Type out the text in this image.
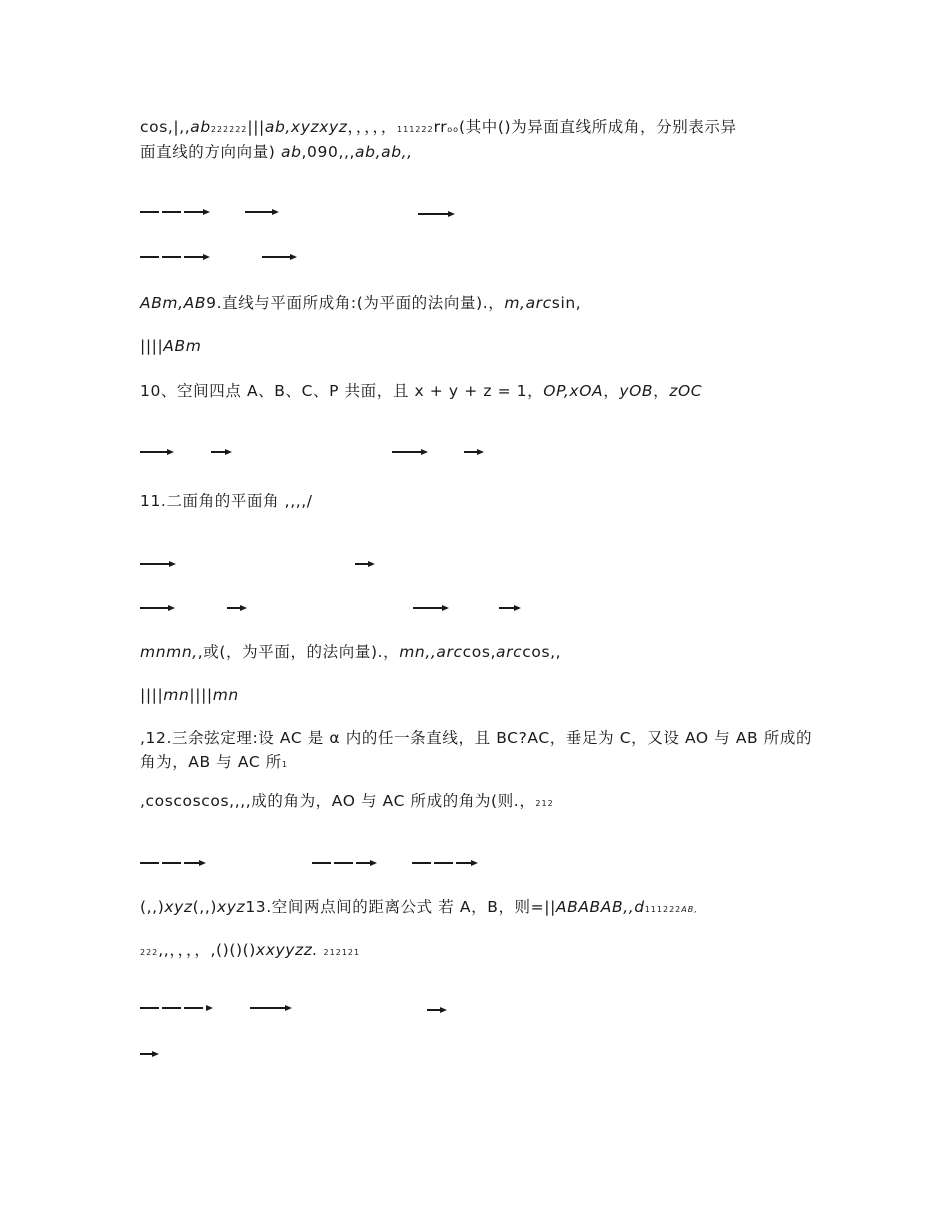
cos,|,,ab222222|||ab,xyzxyz，，，，，111222rroo(其中()为异面直线所成角，分别表示异
面直线的方向向量) ab,090,,,ab,ab,,
ABm,AB9.直线与平面所成角:(为平面的法向量).，m,arcsin,
||||ABm
10、空间四点 A、B、C、P 共面，且 x + y + z = 1，OP,xOA，yOB，zOC
11.二面角的平面角 ,,,,/
mnmn,,或(，为平面，的法向量).，mn,,arccos,arccos,,
||||mn||||mn
,12.三余弦定理:设 AC 是 α 内的任一条直线，且 BC?AC，垂足为 C，又设 AO 与 AB 所成的角为，AB 与 AC 所1
,coscoscos,,,,成的角为，AO 与 AC 所成的角为(则.，212
(,,)xyz(,,)xyz13.空间两点间的距离公式 若 A，B，则=||ABABAB,,d111222AB,
222,,，，，，,()()()xxyyzz. 212121
